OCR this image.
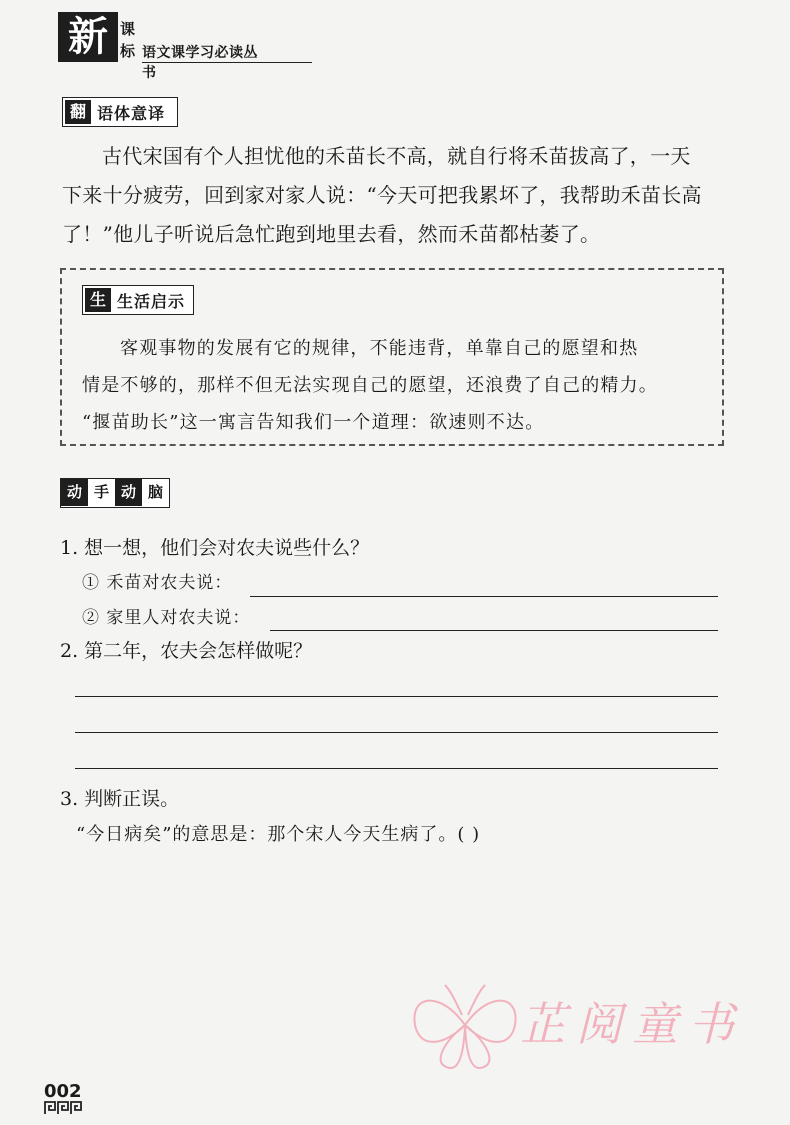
新 课
标 语文课学习必读丛书
翻 语体意译

古代宋国有个人担忧他的禾苗长不高，就自行将禾苗拔高了，一天
下来十分疲劳，回到家对家人说：“今天可把我累坏了，我帮助禾苗长高
了！”他儿子听说后急忙跑到地里去看，然而禾苗都枯萎了。

生 生活启示

客观事物的发展有它的规律，不能违背，单靠自己的愿望和热
情是不够的，那样不但无法实现自己的愿望，还浪费了自己的精力。
“揠苗助长”这一寓言告知我们一个道理：欲速则不达。

动 手 动 脑
1. 想一想，他们会对农夫说些什么？
① 禾苗对农夫说：
② 家里人对农夫说：
2. 第二年，农夫会怎样做呢？
3. 判断正误。
“今日病矣”的意思是：那个宋人今天生病了。( )
芷阅童书
002
